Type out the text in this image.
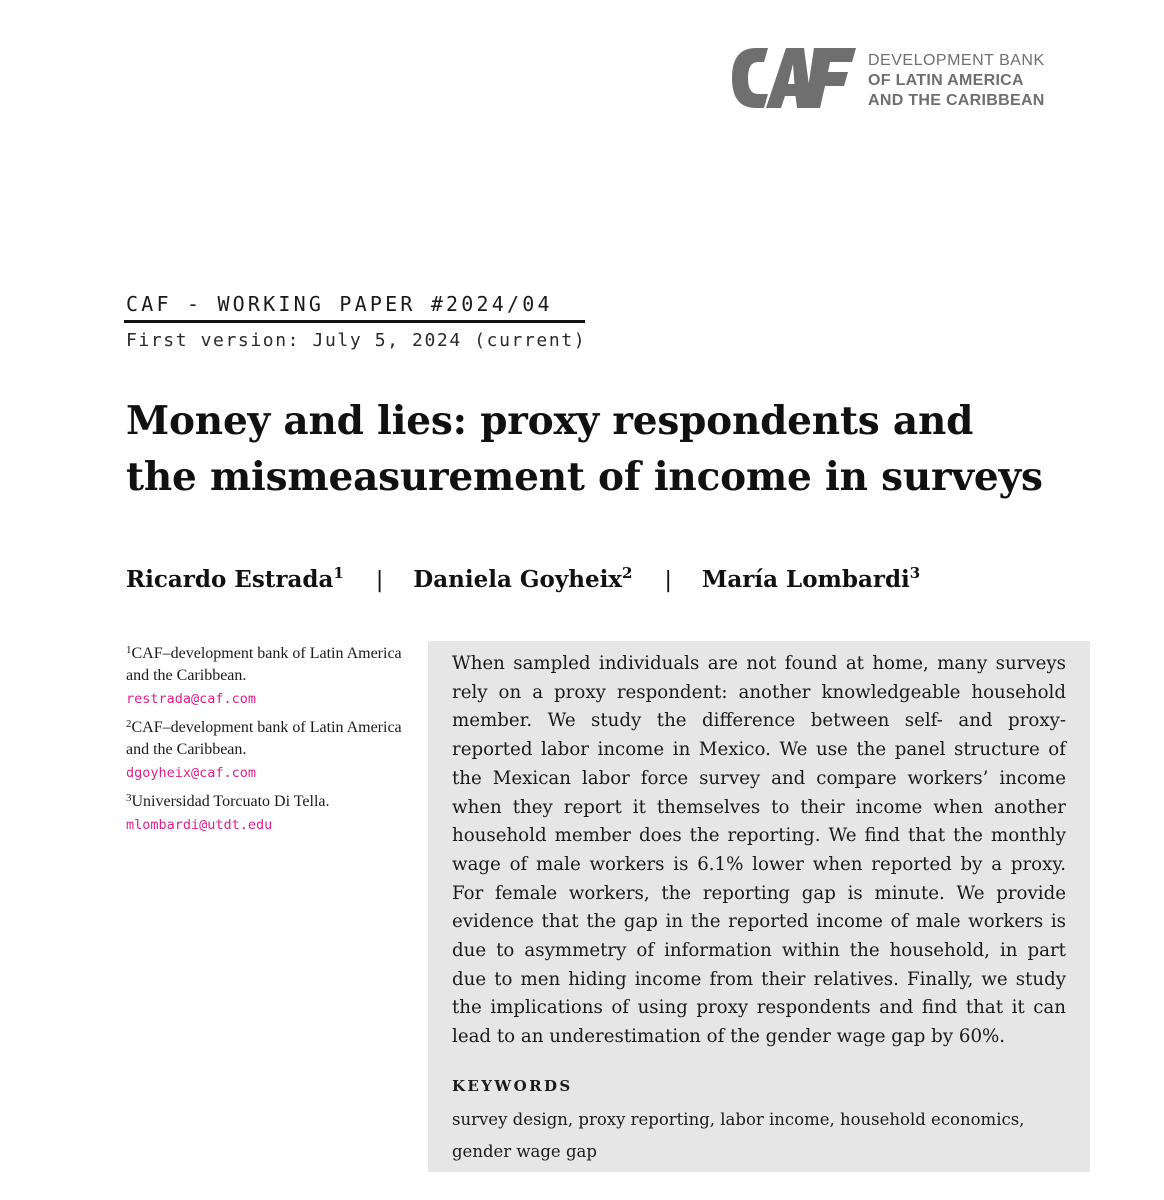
DEVELOPMENT BANK
OF LATIN AMERICA
AND THE CARIBBEAN
CAF - WORKING PAPER #2024/04
First version: July 5, 2024 (current)
Money and lies: proxy respondents and the mismeasurement of income in surveys
Ricardo Estrada$^1$ | Daniela Goyheix$^2$ | María Lombardi$^3$
$^1$CAF–development bank of Latin America and the Caribbean.
restrada@caf.com
$^2$CAF–development bank of Latin America and the Caribbean.
dgoyheix@caf.com
$^3$Universidad Torcuato Di Tella.
mlombardi@utdt.edu

When sampled individuals are not found at home, many surveys rely on a proxy respondent: another knowledgeable household member. We study the difference between self- and proxy-reported labor income in Mexico. We use the panel structure of the Mexican labor force survey and compare workers’ income when they report it themselves to their income when another household member does the reporting. We find that the monthly wage of male workers is 6.1% lower when reported by a proxy. For female workers, the reporting gap is minute. We provide evidence that the gap in the reported income of male workers is due to asymmetry of information within the household, in part due to men hiding income from their relatives. Finally, we study the implications of using proxy respondents and find that it can lead to an underestimation of the gender wage gap by 60%.

KEYWORDS
survey design, proxy reporting, labor income, household economics, gender wage gap
